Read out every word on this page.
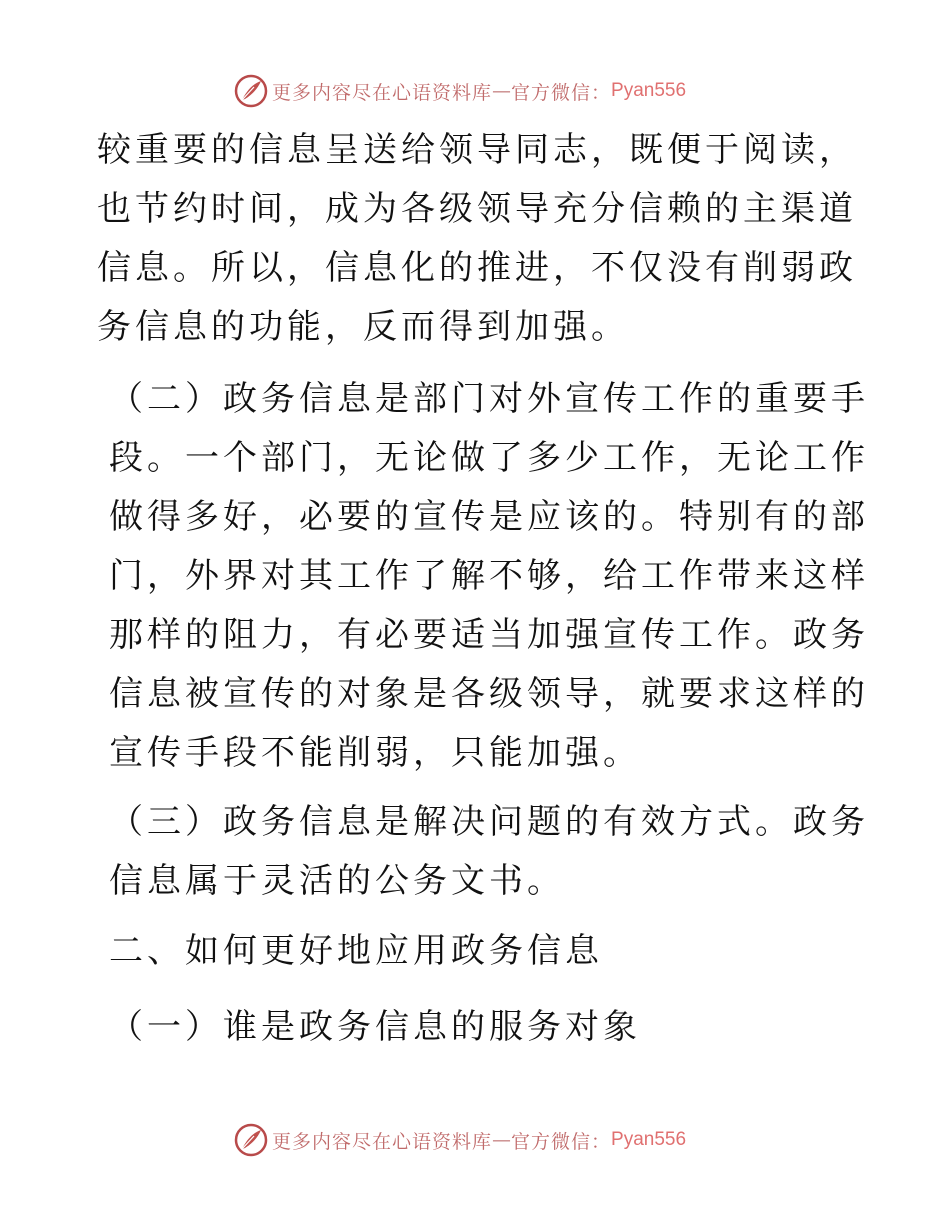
更多内容尽在心语资料库 — 官方微信： Pyan556

较重要的信息呈送给领导同志，既便于阅读，也节约时间，成为各级领导充分信赖的主渠道信息。所以，信息化的推进，不仅没有削弱政务信息的功能，反而得到加强。

（二）政务信息是部门对外宣传工作的重要手段。一个部门，无论做了多少工作，无论工作做得多好，必要的宣传是应该的。特别有的部门，外界对其工作了解不够，给工作带来这样那样的阻力，有必要适当加强宣传工作。政务信息被宣传的对象是各级领导，就要求这样的宣传手段不能削弱，只能加强。

（三）政务信息是解决问题的有效方式。政务信息属于灵活的公务文书。

二、如何更好地应用政务信息

（一）谁是政务信息的服务对象

更多内容尽在心语资料库 — 官方微信： Pyan556
